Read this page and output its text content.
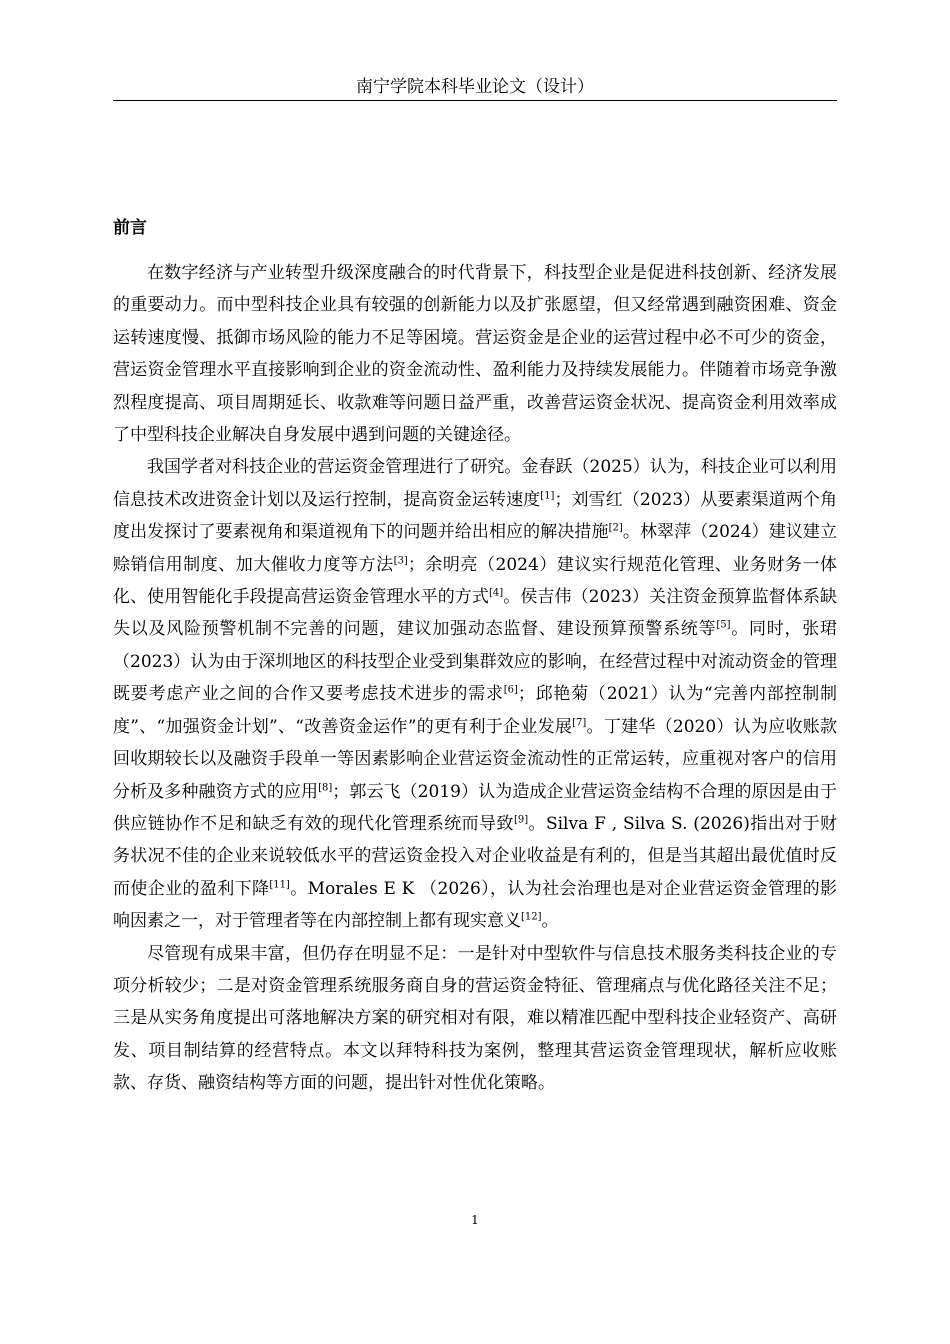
南宁学院本科毕业论文（设计）
前言

在数字经济与产业转型升级深度融合的时代背景下，科技型企业是促进科技创新、经济发展的重要动力。而中型科技企业具有较强的创新能力以及扩张愿望，但又经常遇到融资困难、资金运转速度慢、抵御市场风险的能力不足等困境。营运资金是企业的运营过程中必不可少的资金，营运资金管理水平直接影响到企业的资金流动性、盈利能力及持续发展能力。伴随着市场竞争激烈程度提高、项目周期延长、收款难等问题日益严重，改善营运资金状况、提高资金利用效率成了中型科技企业解决自身发展中遇到问题的关键途径。

我国学者对科技企业的营运资金管理进行了研究。金春跃（2025）认为，科技企业可以利用信息技术改进资金计划以及运行控制，提高资金运转速度[1]；刘雪红（2023）从要素渠道两个角度出发探讨了要素视角和渠道视角下的问题并给出相应的解决措施[2]。林翠萍（2024）建议建立赊销信用制度、加大催收力度等方法[3]；余明亮（2024）建议实行规范化管理、业务财务一体化、使用智能化手段提高营运资金管理水平的方式[4]。侯吉伟（2023）关注资金预算监督体系缺失以及风险预警机制不完善的问题，建议加强动态监督、建设预算预警系统等[5]。同时，张珺（2023）认为由于深圳地区的科技型企业受到集群效应的影响，在经营过程中对流动资金的管理既要考虑产业之间的合作又要考虑技术进步的需求[6]；邱艳菊（2021）认为“完善内部控制制度”、“加强资金计划”、“改善资金运作”的更有利于企业发展[7]。丁建华（2020）认为应收账款回收期较长以及融资手段单一等因素影响企业营运资金流动性的正常运转，应重视对客户的信用分析及多种融资方式的应用[8]；郭云飞（2019）认为造成企业营运资金结构不合理的原因是由于供应链协作不足和缺乏有效的现代化管理系统而导致[9]。Silva F , Silva S. (2026)指出对于财务状况不佳的企业来说较低水平的营运资金投入对企业收益是有利的，但是当其超出最优值时反而使企业的盈利下降[11]。Morales E K （2026），认为社会治理也是对企业营运资金管理的影响因素之一，对于管理者等在内部控制上都有现实意义[12]。

尽管现有成果丰富，但仍存在明显不足：一是针对中型软件与信息技术服务类科技企业的专项分析较少；二是对资金管理系统服务商自身的营运资金特征、管理痛点与优化路径关注不足；三是从实务角度提出可落地解决方案的研究相对有限，难以精准匹配中型科技企业轻资产、高研发、项目制结算的经营特点。本文以拜特科技为案例，整理其营运资金管理现状，解析应收账款、存货、融资结构等方面的问题，提出针对性优化策略。

1
